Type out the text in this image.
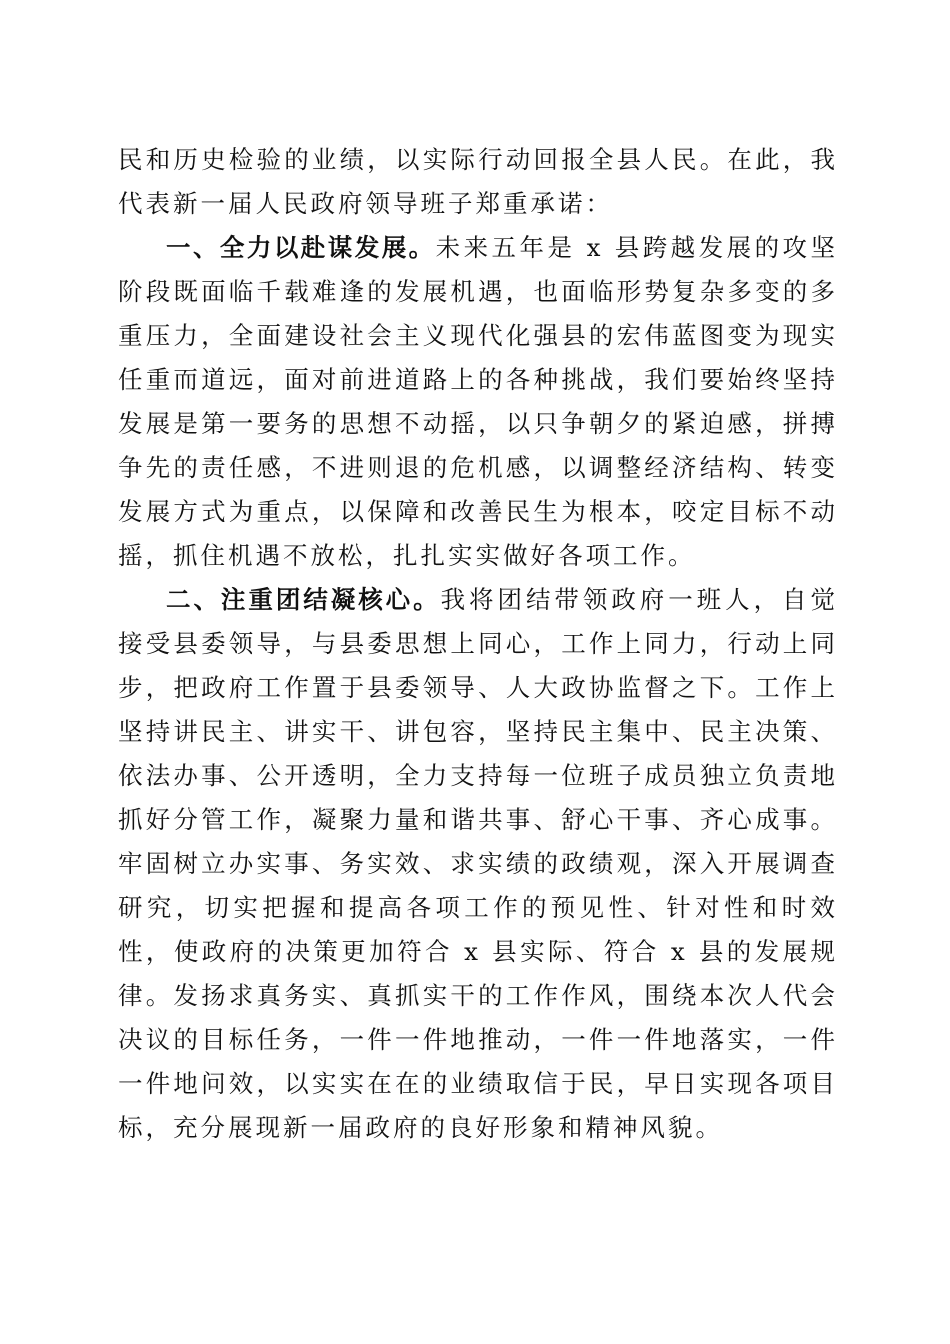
民和历史检验的业绩，以实际行动回报全县人民。在此，我代表新一届人民政府领导班子郑重承诺：

一、全力以赴谋发展。未来五年是 x 县跨越发展的攻坚阶段既面临千载难逢的发展机遇，也面临形势复杂多变的多重压力，全面建设社会主义现代化强县的宏伟蓝图变为现实任重而道远，面对前进道路上的各种挑战，我们要始终坚持发展是第一要务的思想不动摇，以只争朝夕的紧迫感，拼搏争先的责任感，不进则退的危机感，以调整经济结构、转变发展方式为重点，以保障和改善民生为根本，咬定目标不动摇，抓住机遇不放松，扎扎实实做好各项工作。

二、注重团结凝核心。我将团结带领政府一班人，自觉接受县委领导，与县委思想上同心，工作上同力，行动上同步，把政府工作置于县委领导、人大政协监督之下。工作上坚持讲民主、讲实干、讲包容，坚持民主集中、民主决策、依法办事、公开透明，全力支持每一位班子成员独立负责地抓好分管工作，凝聚力量和谐共事、舒心干事、齐心成事。牢固树立办实事、务实效、求实绩的政绩观，深入开展调查研究，切实把握和提高各项工作的预见性、针对性和时效性，使政府的决策更加符合 x 县实际、符合 x 县的发展规律。发扬求真务实、真抓实干的工作作风，围绕本次人代会决议的目标任务，一件一件地推动，一件一件地落实，一件一件地问效，以实实在在的业绩取信于民，早日实现各项目标，充分展现新一届政府的良好形象和精神风貌。
